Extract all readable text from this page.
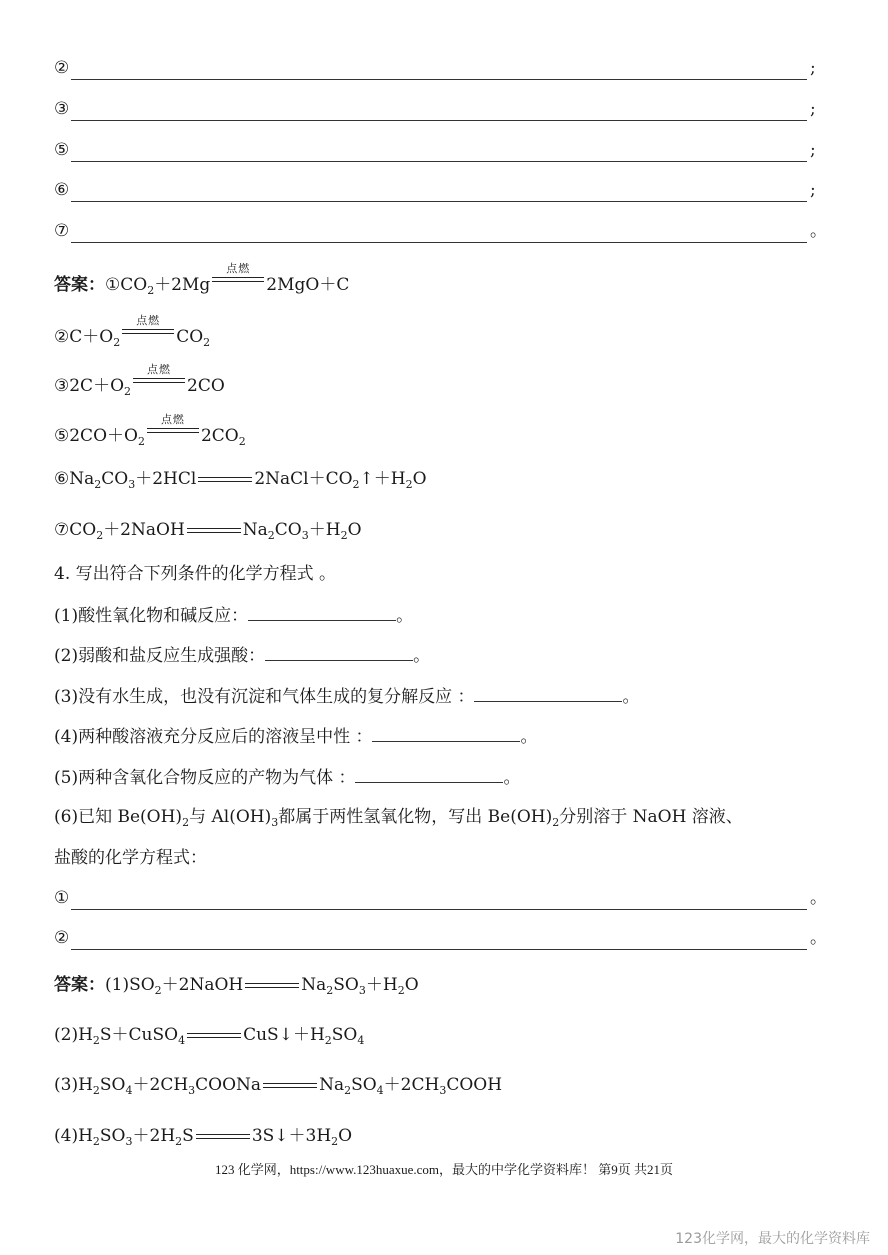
②	;
③	;
⑤	;
⑥	;
⑦	。
答案：$①CO_2+2Mg$
点燃
2MgO＋C
$②C+O_2$
点燃
$CO_2$
$③2C+O_2$
点燃
2CO
$⑤2CO+O_2$
点燃
$2CO_2$
$⑥Na_2CO_3+2HCl$	$2NaCl+CO_2↑+H_2O$
$⑦CO_2+2NaOH$	$Na_2CO_3+H_2O$
4. 写出符合下列条件的化学方程式 。
(1)酸性氧化物和碱反应：	。
(2)弱酸和盐反应生成强酸：	。
(3)没有水生成，也没有沉淀和气体生成的复分解反应 ：	。
(4)两种酸溶液充分反应后的溶液呈中性 ：	。
(5)两种含氧化合物反应的产物为气体 ：	。
(6)已知 $Be(OH)_2$与 $Al(OH)_3$都属于两性氢氧化物，写出 $Be(OH)_2$分别溶于 NaOH 溶液、
盐酸的化学方程式：
①	。
②	。
答案：$(1)SO_2+2NaOH$	$Na_2SO_3+H_2O$
$(2)H_2S+CuSO_4$	$CuS↓+H_2SO_4$
$(3)H_2SO_4+2CH_3COONa$	$Na_2SO_4+2CH_3COOH$
$(4)H_2SO_3+2H_2S$	$3S↓+3H_2O$
123 化学网，https://www.123huaxue.com，最大的中学化学资料库！ 第9页 共21页
123化学网，最大的化学资料库
